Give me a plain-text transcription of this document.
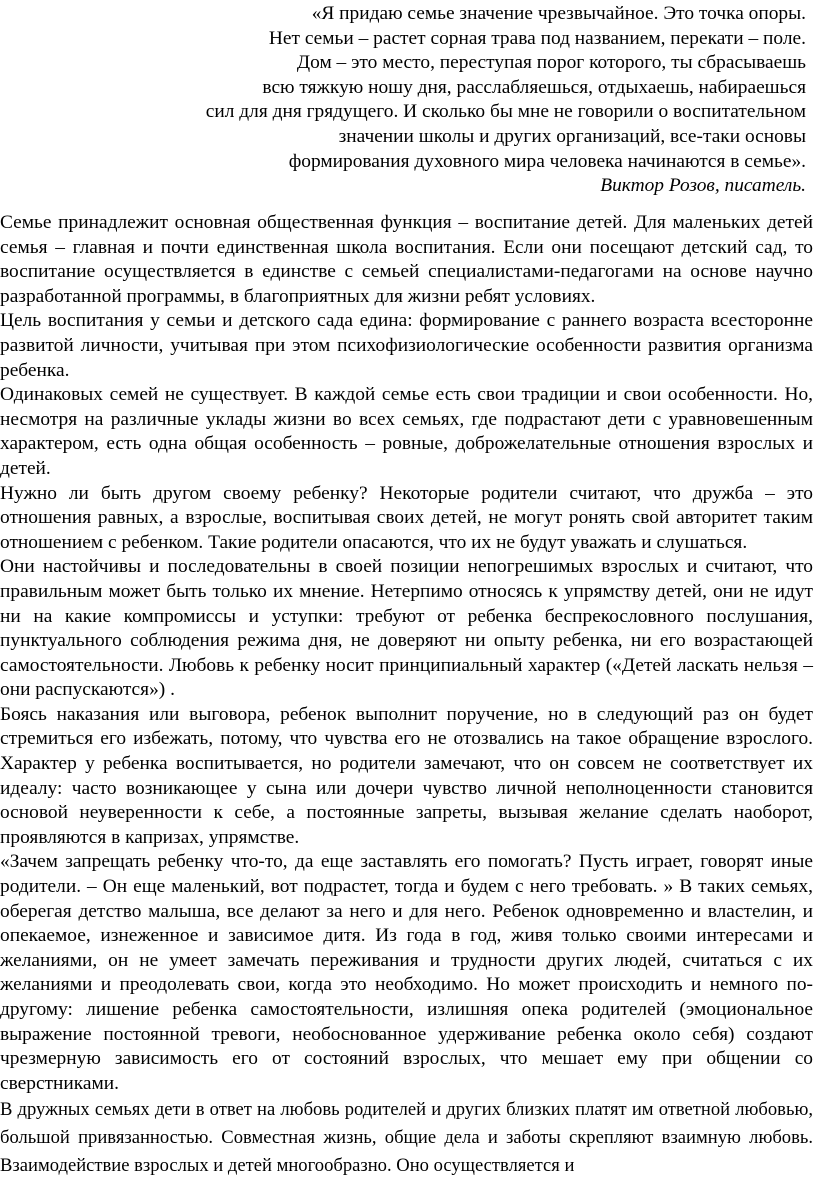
«Я придаю семье значение чрезвычайное. Это точка опоры.
Нет семьи – растет сорная трава под названием, перекати – поле.
Дом – это место, переступая порог которого, ты сбрасываешь
всю тяжкую ношу дня, расслабляешься, отдыхаешь, набираешься
сил для дня грядущего. И сколько бы мне не говорили о воспитательном
значении школы и других организаций, все-таки основы
формирования духовного мира человека начинаются в семье».
Виктор Розов, писатель.

Семье принадлежит основная общественная функция – воспитание детей. Для маленьких детей семья – главная и почти единственная школа воспитания. Если они посещают детский сад, то воспитание осуществляется в единстве с семьей специалистами-педагогами на основе научно разработанной программы, в благоприятных для жизни ребят условиях.

Цель воспитания у семьи и детского сада едина: формирование с раннего возраста всесторонне развитой личности, учитывая при этом психофизиологические особенности развития организма ребенка.

Одинаковых семей не существует. В каждой семье есть свои традиции и свои особенности. Но, несмотря на различные уклады жизни во всех семьях, где подрастают дети с уравновешенным характером, есть одна общая особенность – ровные, доброжелательные отношения взрослых и детей.

Нужно ли быть другом своему ребенку? Некоторые родители считают, что дружба – это отношения равных, а взрослые, воспитывая своих детей, не могут ронять свой авторитет таким отношением с ребенком. Такие родители опасаются, что их не будут уважать и слушаться.

Они настойчивы и последовательны в своей позиции непогрешимых взрослых и считают, что правильным может быть только их мнение. Нетерпимо относясь к упрямству детей, они не идут ни на какие компромиссы и уступки: требуют от ребенка беспрекословного послушания, пунктуального соблюдения режима дня, не доверяют ни опыту ребенка, ни его возрастающей самостоятельности. Любовь к ребенку носит принципиальный характер («Детей ласкать нельзя – они распускаются») .

Боясь наказания или выговора, ребенок выполнит поручение, но в следующий раз он будет стремиться его избежать, потому, что чувства его не отозвались на такое обращение взрослого. Характер у ребенка воспитывается, но родители замечают, что он совсем не соответствует их идеалу: часто возникающее у сына или дочери чувство личной неполноценности становится основой неуверенности к себе, а постоянные запреты, вызывая желание сделать наоборот, проявляются в капризах, упрямстве.

«Зачем запрещать ребенку что-то, да еще заставлять его помогать? Пусть играет, говорят иные родители. – Он еще маленький, вот подрастет, тогда и будем с него требовать. » В таких семьях, оберегая детство малыша, все делают за него и для него. Ребенок одновременно и властелин, и опекаемое, изнеженное и зависимое дитя. Из года в год, живя только своими интересами и желаниями, он не умеет замечать переживания и трудности других людей, считаться с их желаниями и преодолевать свои, когда это необходимо. Но может происходить и немного по-другому: лишение ребенка самостоятельности, излишняя опека родителей (эмоциональное выражение постоянной тревоги, необоснованное удерживание ребенка около себя) создают чрезмерную зависимость его от состояний взрослых, что мешает ему при общении со сверстниками.

В дружных семьях дети в ответ на любовь родителей и других близких платят им ответной любовью, большой привязанностью. Совместная жизнь, общие дела и заботы скрепляют взаимную любовь. Взаимодействие взрослых и детей многообразно. Оно осуществляется и
